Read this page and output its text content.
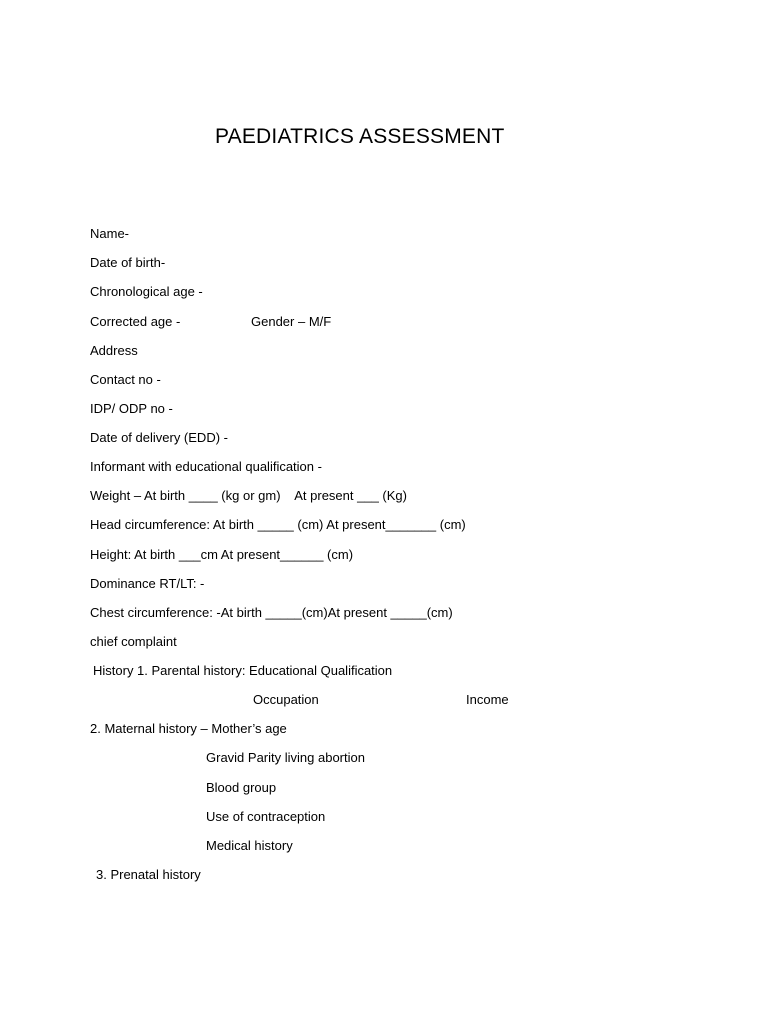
PAEDIATRICS ASSESSMENT
Name-
Date of birth-
Chronological age -
Corrected age -	Gender – M/F
Address
Contact no -
IDP/ ODP no -
Date of delivery (EDD) -
Informant with educational qualification -
Weight – At birth ____ (kg or gm)    At present ___ (Kg)
Head circumference: At birth _____ (cm) At present_______ (cm)
Height: At birth ___cm At present______ (cm)
Dominance RT/LT: -
Chest circumference: -At birth _____(cm)At present _____(cm)
chief complaint
History 1. Parental history: Educational Qualification
Occupation	Income
2. Maternal history – Mother’s age
Gravid Parity living abortion
Blood group
Use of contraception
Medical history
3. Prenatal history
